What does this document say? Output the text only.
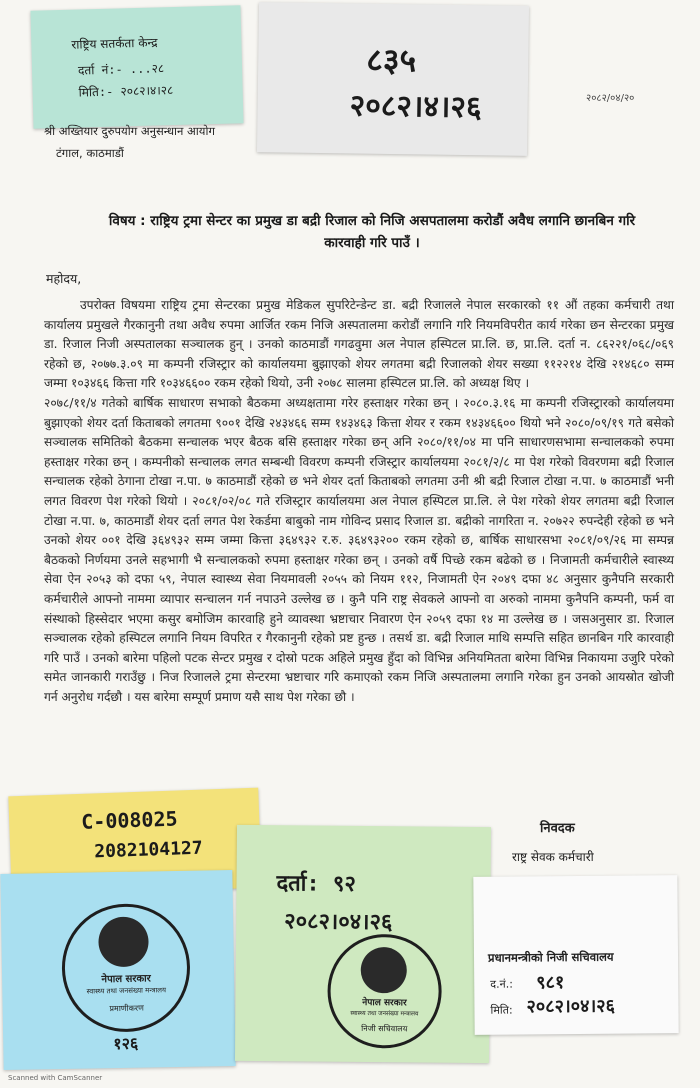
राष्ट्रिय सतर्कता केन्द्र
दर्ता नं:- ...२८
मिति:- २०८२।४।२८
८३५
२०८२।४।२६	२०८२/०४/२०
श्री अख्तियार दुरुपयोग अनुसन्धान आयोग
टंगाल, काठमाडौं
विषय : राष्ट्रिय ट्रमा सेन्टर का प्रमुख डा बद्री रिजाल को निजि असपतालमा करोडौं अवैध लगानि छानबिन गरि कारवाही गरि पाउँ ।
महोदय,

उपरोक्त विषयमा राष्ट्रिय ट्रमा सेन्टरका प्रमुख मेडिकल सुपरिटेन्डेन्ट डा. बद्री रिजालले नेपाल सरकारको ११ औं तहका कर्मचारी तथा कार्यालय प्रमुखले गैरकानुनी तथा अवैध रुपमा आर्जित रकम निजि अस्पतालमा करोडौं लगानि गरि नियमविपरीत कार्य गरेका छन सेन्टरका प्रमुख डा. रिजाल निजी अस्पतालका सञ्चालक हुन् । उनको काठमाडौं गगढवुमा अल नेपाल हस्पिटल प्रा.लि. छ, प्रा.लि. दर्ता न. ८६२२१/०६८/०६९ रहेको छ, २०७७.३.०९ मा कम्पनी रजिस्ट्रार को कार्यालयमा बुझाएको शेयर लगतमा बद्री रिजालको शेयर सख्या ११२२१४ देखि २१४६८० सम्म जम्मा १०३४६६ कित्ता गरि १०३४६६०० रकम रहेको थियो, उनी २०७८ सालमा हस्पिटल प्रा.लि. को अध्यक्ष थिए ।

२०७८/११/४ गतेको बार्षिक साधारण सभाको बैठकमा अध्यक्षतामा गरेर हस्ताक्षर गरेका छन् । २०८०.३.१६ मा कम्पनी रजिस्ट्रारको कार्यालयमा बुझाएको शेयर दर्ता किताबको लगतमा ९००१ देखि २४३४६६ सम्म १४३४६३ कित्ता शेयर र रकम १४३४६६०० थियो भने २०८०/०९/१९ गते बसेको सञ्चालक समितिको बैठकमा सन्चालक भएर बैठक बसि हस्ताक्षर गरेका छन् अनि २०८०/११/०४ मा पनि साधारणसभामा सन्चालकको रुपमा हस्ताक्षर गरेका छन् । कम्पनीको सन्चालक लगत सम्बन्धी विवरण कम्पनी रजिस्ट्रार कार्यालयमा २०८१/२/८ मा पेश गरेको विवरणमा बद्री रिजाल सन्चालक रहेको ठेगाना टोखा न.पा. ७ काठमाडौं रहेको छ भने शेयर दर्ता किताबको लगतमा उनी श्री बद्री रिजाल टोखा न.पा. ७ काठमाडौं भनी लगत विवरण पेश गरेको थियो । २०८१/०२/०८ गते रजिस्ट्रार कार्यालयमा अल नेपाल हस्पिटल प्रा.लि. ले पेश गरेको शेयर लगतमा बद्री रिजाल टोखा न.पा. ७, काठमाडौं शेयर दर्ता लगत पेश रेकर्डमा बाबुको नाम गोविन्द प्रसाद रिजाल डा. बद्रीको नागरिता न. २०७२२ रुपन्देही रहेको छ भने उनको शेयर ००१ देखि ३६४९३२ सम्म जम्मा कित्ता ३६४९३२ र.रु. ३६४९३२०० रकम रहेको छ, बार्षिक साधारसभा २०८१/०९/२६ मा सम्पन्न बैठकको निर्णयमा उनले सहभागी भै सन्चालकको रुपमा हस्ताक्षर गरेका छन् । उनको वर्षै पिच्छे रकम बढेको छ । निजामती कर्मचारीले स्वास्थ्य सेवा ऐन २०५३ को दफा ५९, नेपाल स्वास्थ्य सेवा नियमावली २०५५ को नियम ११२, निजामती ऐन २०४९ दफा ४८ अनुसार कुनैपनि सरकारी कर्मचारीले आफ्नो नाममा व्यापार सन्चालन गर्न नपाउने उल्लेख छ । कुनै पनि राष्ट्र सेवकले आफ्नो वा अरुको नाममा कुनैपनि कम्पनी, फर्म वा संस्थाको हिस्सेदार भएमा कसुर बमोजिम कारवाहि हुने व्यावस्था भ्रष्टाचार निवारण ऐन २०५९ दफा १४ मा उल्लेख छ । जसअनुसार डा. रिजाल सञ्चालक रहेको हस्पिटल लगानि नियम विपरित र गैरकानुनी रहेको प्रष्ट हुन्छ । तसर्थ डा. बद्री रिजाल माथि सम्पत्ति सहित छानबिन गरि कारवाही गरि पाउँ । उनको बारेमा पहिलो पटक सेन्टर प्रमुख र दोस्रो पटक अहिले प्रमुख हुँदा को विभिन्न अनियमितता बारेमा विभिन्न निकायमा उजुरि परेको समेत जानकारी गराउँछु । निज रिजालले ट्रमा सेन्टरमा भ्रष्टाचार गरि कमाएको रकम निजि अस्पतालमा लगानि गरेका हुन उनको आयस्रोत खोजी गर्न अनुरोध गर्दछौ । यस बारेमा सम्पूर्ण प्रमाण यसै साथ पेश गरेका छौ ।

निवदक
राष्ट्र सेवक कर्मचारी
C-008025
2082104127
नेपाल सरकार
स्वास्थ्य तथा जनसंख्या मन्त्रालय
प्रमाणीकरण
१२६
दर्ता: ९२
२०८२।०४।२६
नेपाल सरकार
स्वास्थ्य तथा जनसंख्या मन्त्रालय
निजी सचिवालय
प्रधानमन्त्रीको निजी सचिवालय
द.नं.: ९८१
मिति: २०८२।०४।२६
Scanned with CamScanner
